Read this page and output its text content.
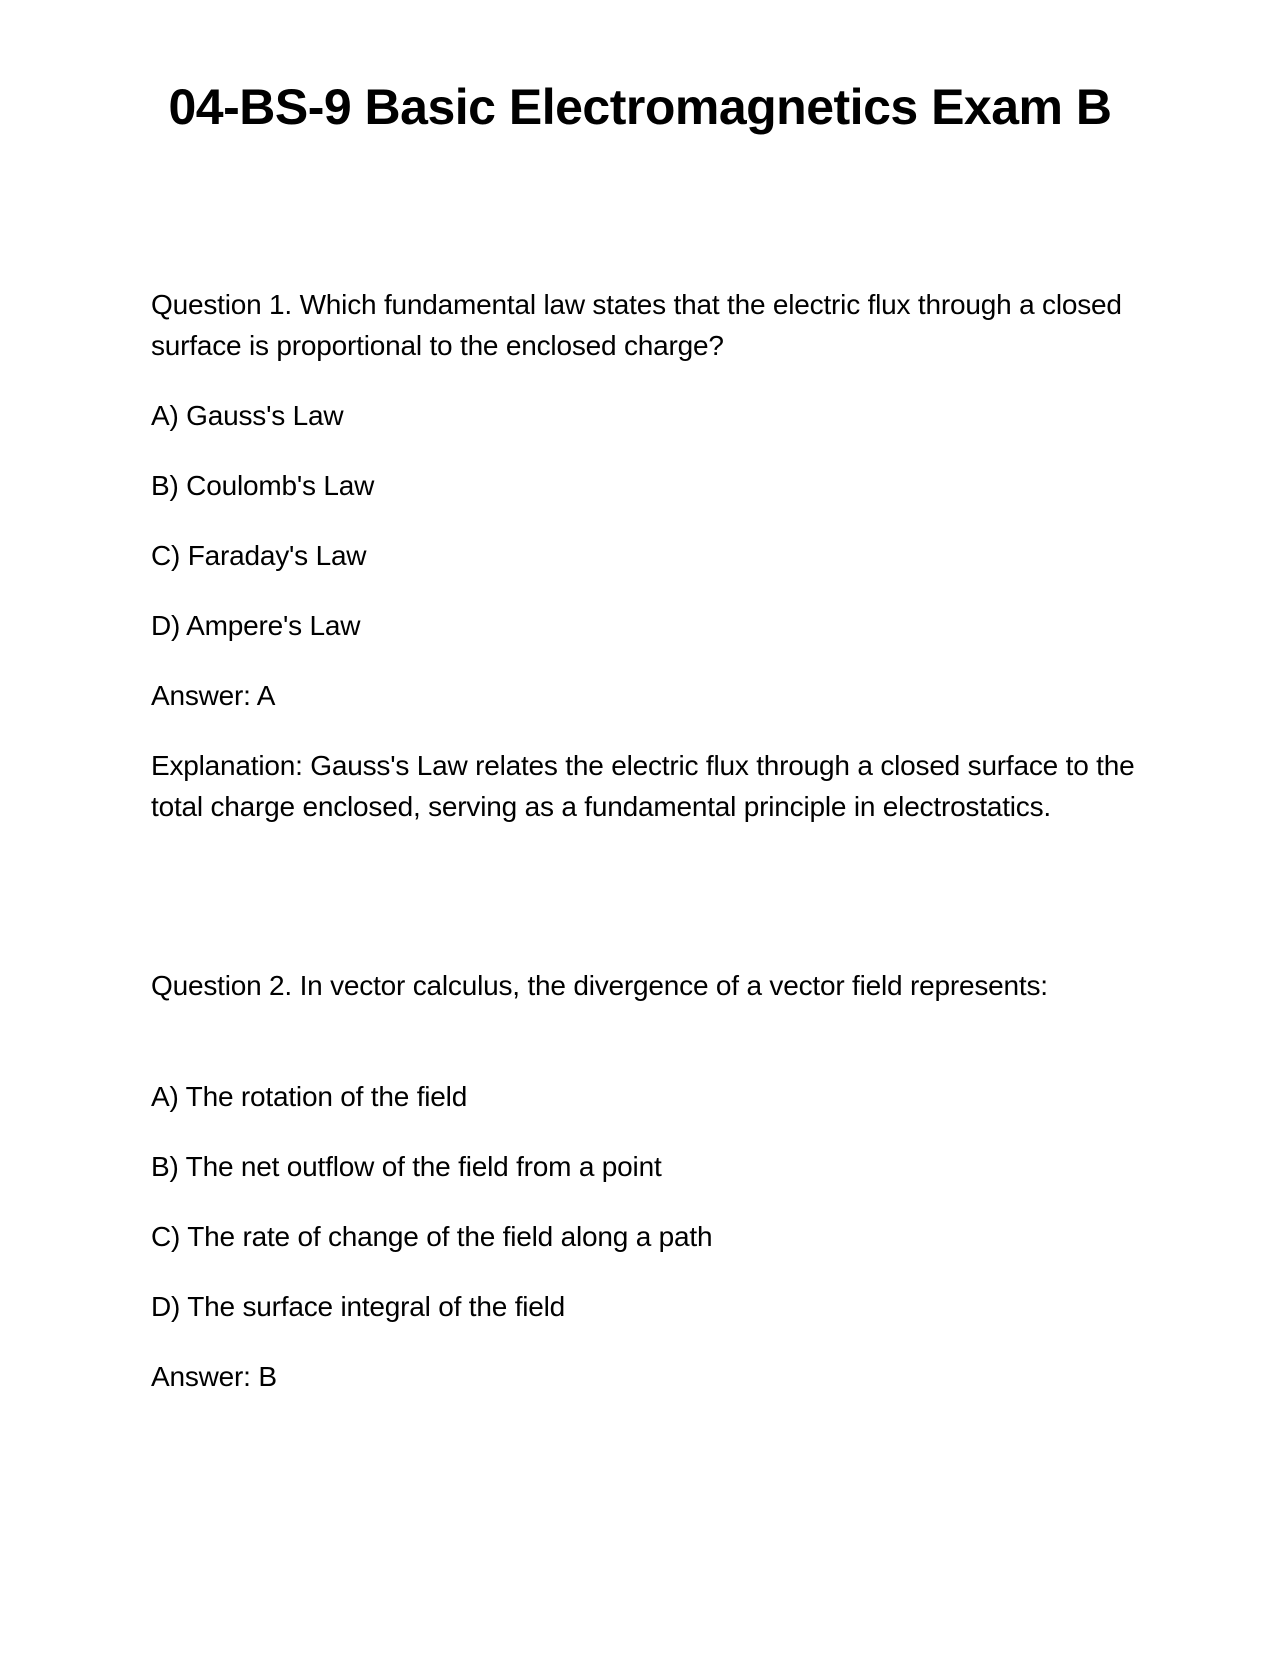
04-BS-9 Basic Electromagnetics Exam B

Question 1. Which fundamental law states that the electric flux through a closed surface is proportional to the enclosed charge?

A) Gauss's Law

B) Coulomb's Law

C) Faraday's Law

D) Ampere's Law

Answer: A

Explanation: Gauss's Law relates the electric flux through a closed surface to the total charge enclosed, serving as a fundamental principle in electrostatics.

Question 2. In vector calculus, the divergence of a vector field represents:

A) The rotation of the field

B) The net outflow of the field from a point

C) The rate of change of the field along a path

D) The surface integral of the field

Answer: B
